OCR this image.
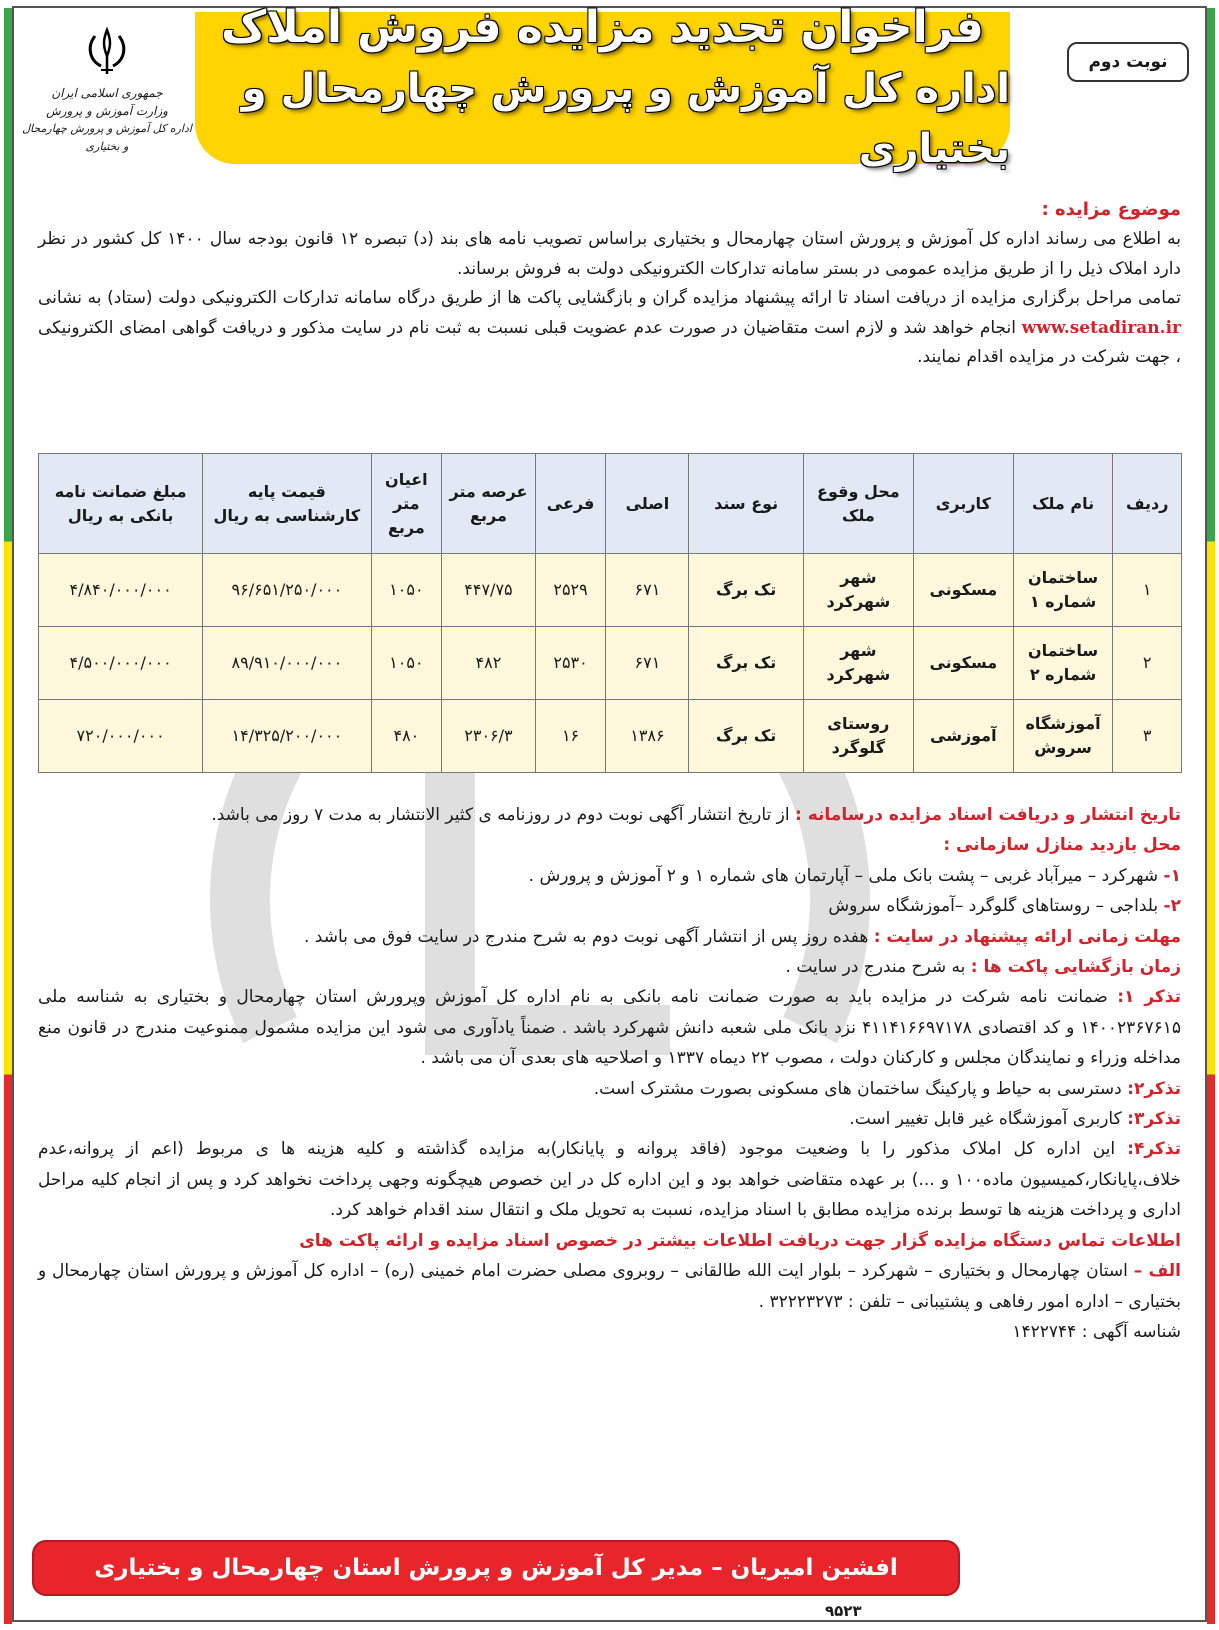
نوبت دوم
فراخوان تجدید مزایده فروش املاک
اداره کل آموزش و پرورش چهارمحال و بختیاری
جمهوری اسلامی ایران
وزارت آموزش و پرورش
اداره کل آموزش و پرورش چهارمحال و بختیاری
موضوع مزایده :

به اطلاع می رساند اداره کل آموزش و پرورش استان چهارمحال و بختیاری براساس تصویب نامه های بند (د) تبصره ۱۲ قانون بودجه سال ۱۴۰۰ کل کشور در نظر دارد املاک ذیل را از طریق مزایده عمومی در بستر سامانه تدارکات الکترونیکی دولت به فروش برساند.

تمامی مراحل برگزاری مزایده از دریافت اسناد تا ارائه پیشنهاد مزایده گران و بازگشایی پاکت ها از طریق درگاه سامانه تدارکات الکترونیکی دولت (ستاد) به نشانی www.setadiran.ir انجام خواهد شد و لازم است متقاضیان در صورت عدم عضویت قبلی نسبت به ثبت نام در سایت مذکور و دریافت گواهی امضای الکترونیکی ، جهت شرکت در مزایده اقدام نمایند.

ردیف	نام ملک	کاربری	محل وقوع ملک	نوع سند	اصلی	فرعی	عرصه متر مربع	اعیان متر مربع	قیمت پایه کارشناسی به ریال	مبلغ ضمانت نامه بانکی به ریال
۱	ساختمان شماره ۱	مسکونی	شهر شهرکرد	تک برگ	۶۷۱	۲۵۲۹	۴۴۷/۷۵	۱۰۵۰	۹۶/۶۵۱/۲۵۰/۰۰۰	۴/۸۴۰/۰۰۰/۰۰۰
۲	ساختمان شماره ۲	مسکونی	شهر شهرکرد	تک برگ	۶۷۱	۲۵۳۰	۴۸۲	۱۰۵۰	۸۹/۹۱۰/۰۰۰/۰۰۰	۴/۵۰۰/۰۰۰/۰۰۰
۳	آموزشگاه سروش	آموزشی	روستای گلوگرد	تک برگ	۱۳۸۶	۱۶	۲۳۰۶/۳	۴۸۰	۱۴/۳۲۵/۲۰۰/۰۰۰	۷۲۰/۰۰۰/۰۰۰

تاریخ انتشار و دریافت اسناد مزایده درسامانه : از تاریخ انتشار آگهی نوبت دوم در روزنامه ی کثیر الانتشار به مدت ۷ روز می باشد.

محل بازدید منازل سازمانی :

۱- شهرکرد – میرآباد غربی – پشت بانک ملی – آپارتمان های شماره ۱ و ۲ آموزش و پرورش .

۲- بلداجی – روستاهای گلوگرد –آموزشگاه سروش

مهلت زمانی ارائه پیشنهاد در سایت : هفده روز پس از انتشار آگهی نوبت دوم به شرح مندرج در سایت فوق می باشد .

زمان بازگشایی پاکت ها : به شرح مندرج در سایت .

تذکر ۱: ضمانت نامه شرکت در مزایده باید به صورت ضمانت نامه بانکی به نام اداره کل آموزش وپرورش استان چهارمحال و بختیاری به شناسه ملی ۱۴۰۰۲۳۶۷۶۱۵ و کد اقتصادی ۴۱۱۴۱۶۶۹۷۱۷۸ نزد بانک ملی شعبه دانش شهرکرد باشد . ضمناً یادآوری می شود این مزایده مشمول ممنوعیت مندرج در قانون منع مداخله وزراء و نمایندگان مجلس و کارکنان دولت ، مصوب ۲۲ دیماه ۱۳۳۷ و اصلاحیه های بعدی آن می باشد .

تذکر۲: دسترسی به حیاط و پارکینگ ساختمان های مسکونی بصورت مشترک است.

تذکر۳: کاربری آموزشگاه غیر قابل تغییر است.

تذکر۴: این اداره کل املاک مذکور را با وضعیت موجود (فاقد پروانه و پایانکار)به مزایده گذاشته و کلیه هزینه ها ی مربوط (اعم از پروانه،عدم خلاف،پایانکار،کمیسیون ماده۱۰۰ و ...) بر عهده متقاضی خواهد بود و این اداره کل در این خصوص هیچگونه وجهی پرداخت نخواهد کرد و پس از انجام کلیه مراحل اداری و پرداخت هزینه ها توسط برنده مزایده مطابق با اسناد مزایده، نسبت به تحویل ملک و انتقال سند اقدام خواهد کرد.

اطلاعات تماس دستگاه مزایده گزار جهت دریافت اطلاعات بیشتر در خصوص اسناد مزایده و ارائه پاکت های

الف – استان چهارمحال و بختیاری – شهرکرد – بلوار ایت الله طالقانی – روبروی مصلی حضرت امام خمینی (ره) – اداره کل آموزش و پرورش استان چهارمحال و بختیاری – اداره امور رفاهی و پشتیبانی – تلفن : ۳۲۲۲۳۲۷۳ .

شناسه آگهی : ۱۴۲۲۷۴۴

افشین امیریان – مدیر کل آموزش و پرورش استان چهارمحال و بختیاری
۹۵۲۳
